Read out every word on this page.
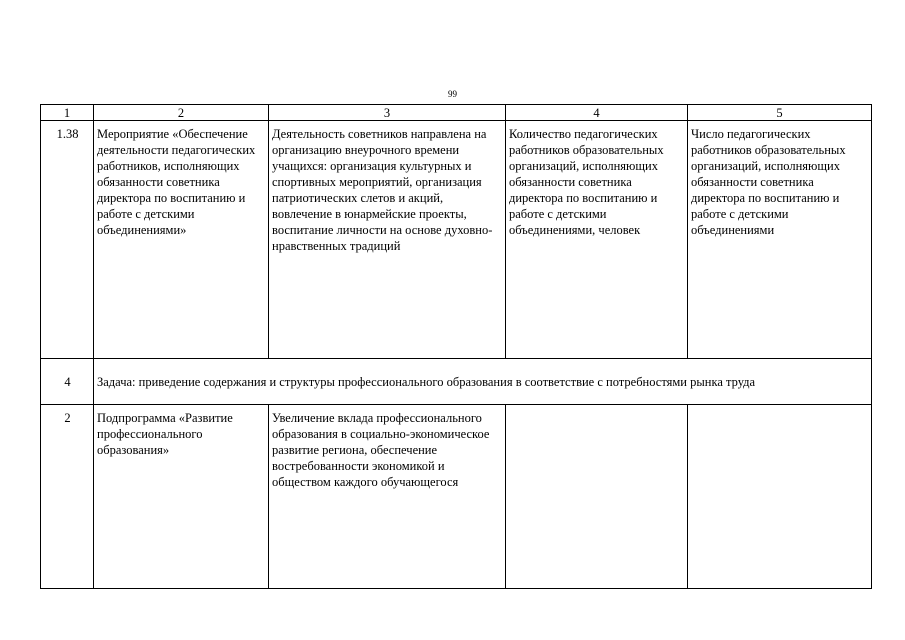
99
1	2	3	4	5
1.38	Мероприятие «Обеспечение деятельности педагогических работников, исполняющих обязанности советника директора по воспитанию и работе с детскими объединениями»	Деятельность советников направлена на организацию внеурочного времени учащихся: организация культурных и спортивных мероприятий, организация патриотических слетов и акций, вовлечение в юнармейские проекты, воспитание личности на основе духовно-нравственных традиций	Количество педагогических работников образовательных организаций, исполняющих обязанности советника директора по воспитанию и работе с детскими объединениями, человек	Число педагогических работников образовательных организаций, исполняющих обязанности советника директора по воспитанию и работе с детскими объединениями
4	Задача: приведение содержания и структуры профессионального образования в соответствие с потребностями рынка труда			
2	Подпрограмма «Развитие профессионального образования»	Увеличение вклада профессионального образования в социально-экономическое развитие региона, обеспечение востребованности экономикой и обществом каждого обучающегося		
